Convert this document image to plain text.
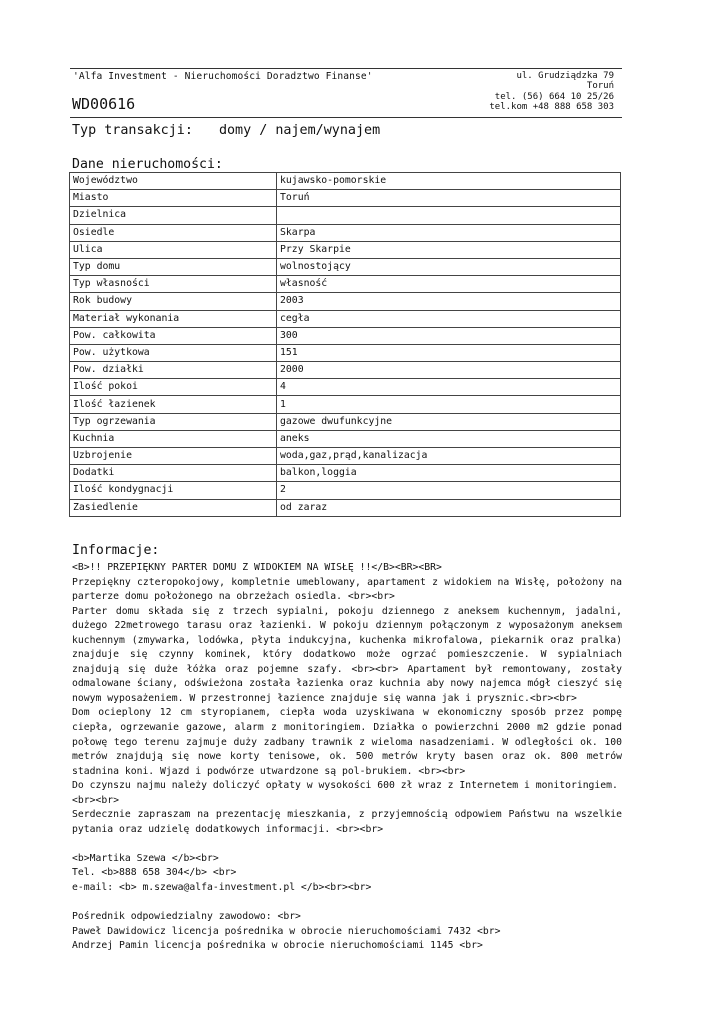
'Alfa Investment - Nieruchomości Doradztwo Finanse'	ul. Grudziądzka 79
Toruń
tel. (56) 664 10 25/26
tel.kom +48 888 658 303
WD00616
Typ transakcji: domy / najem/wynajem
Dane nieruchomości:
Województwo	kujawsko-pomorskie
Miasto	Toruń
Dzielnica	
Osiedle	Skarpa
Ulica	Przy Skarpie
Typ domu	wolnostojący
Typ własności	własność
Rok budowy	2003
Materiał wykonania	cegła
Pow. całkowita	300
Pow. użytkowa	151
Pow. działki	2000
Ilość pokoi	4
Ilość łazienek	1
Typ ogrzewania	gazowe dwufunkcyjne
Kuchnia	aneks
Uzbrojenie	woda,gaz,prąd,kanalizacja
Dodatki	balkon,loggia
Ilość kondygnacji	2
Zasiedlenie	od zaraz
Informacje:

<B>!! PRZEPIĘKNY PARTER DOMU Z WIDOKIEM NA WISŁĘ !!</B><BR><BR>

Przepiękny czteropokojowy, kompletnie umeblowany, apartament z widokiem na Wisłę, położony na

parterze domu położonego na obrzeżach osiedla. <br><br>

Parter domu składa się z trzech sypialni, pokoju dziennego z aneksem kuchennym, jadalni,

dużego 22metrowego tarasu oraz łazienki. W pokoju dziennym połączonym z wyposażonym aneksem

kuchennym (zmywarka, lodówka, płyta indukcyjna, kuchenka mikrofalowa, piekarnik oraz pralka)

znajduje się czynny kominek, który dodatkowo może ogrzać pomieszczenie. W sypialniach

znajdują się duże łóżka oraz pojemne szafy. <br><br> Apartament był remontowany, zostały

odmalowane ściany, odświeżona została łazienka oraz kuchnia aby nowy najemca mógł cieszyć się

nowym wyposażeniem. W przestronnej łazience znajduje się wanna jak i prysznic.<br><br>

Dom ocieplony 12 cm styropianem, ciepła woda uzyskiwana w ekonomiczny sposób przez pompę

ciepła, ogrzewanie gazowe, alarm z monitoringiem. Działka o powierzchni 2000 m2 gdzie ponad

połowę tego terenu zajmuje duży zadbany trawnik z wieloma nasadzeniami. W odległości ok. 100

metrów znajdują się nowe korty tenisowe, ok. 500 metrów kryty basen oraz ok. 800 metrów

stadnina koni. Wjazd i podwórze utwardzone są pol-brukiem. <br><br>

Do czynszu najmu należy doliczyć opłaty w wysokości 600 zł wraz z Internetem i monitoringiem.

<br><br>

Serdecznie zapraszam na prezentację mieszkania, z przyjemnością odpowiem Państwu na wszelkie

pytania oraz udzielę dodatkowych informacji. <br><br>

<b>Martika Szewa </b><br>

Tel. <b>888 658 304</b> <br>

e-mail: <b> m.szewa@alfa-investment.pl </b><br><br>

Pośrednik odpowiedzialny zawodowo: <br>

Paweł Dawidowicz licencja pośrednika w obrocie nieruchomościami 7432 <br>

Andrzej Pamin licencja pośrednika w obrocie nieruchomościami 1145 <br>
